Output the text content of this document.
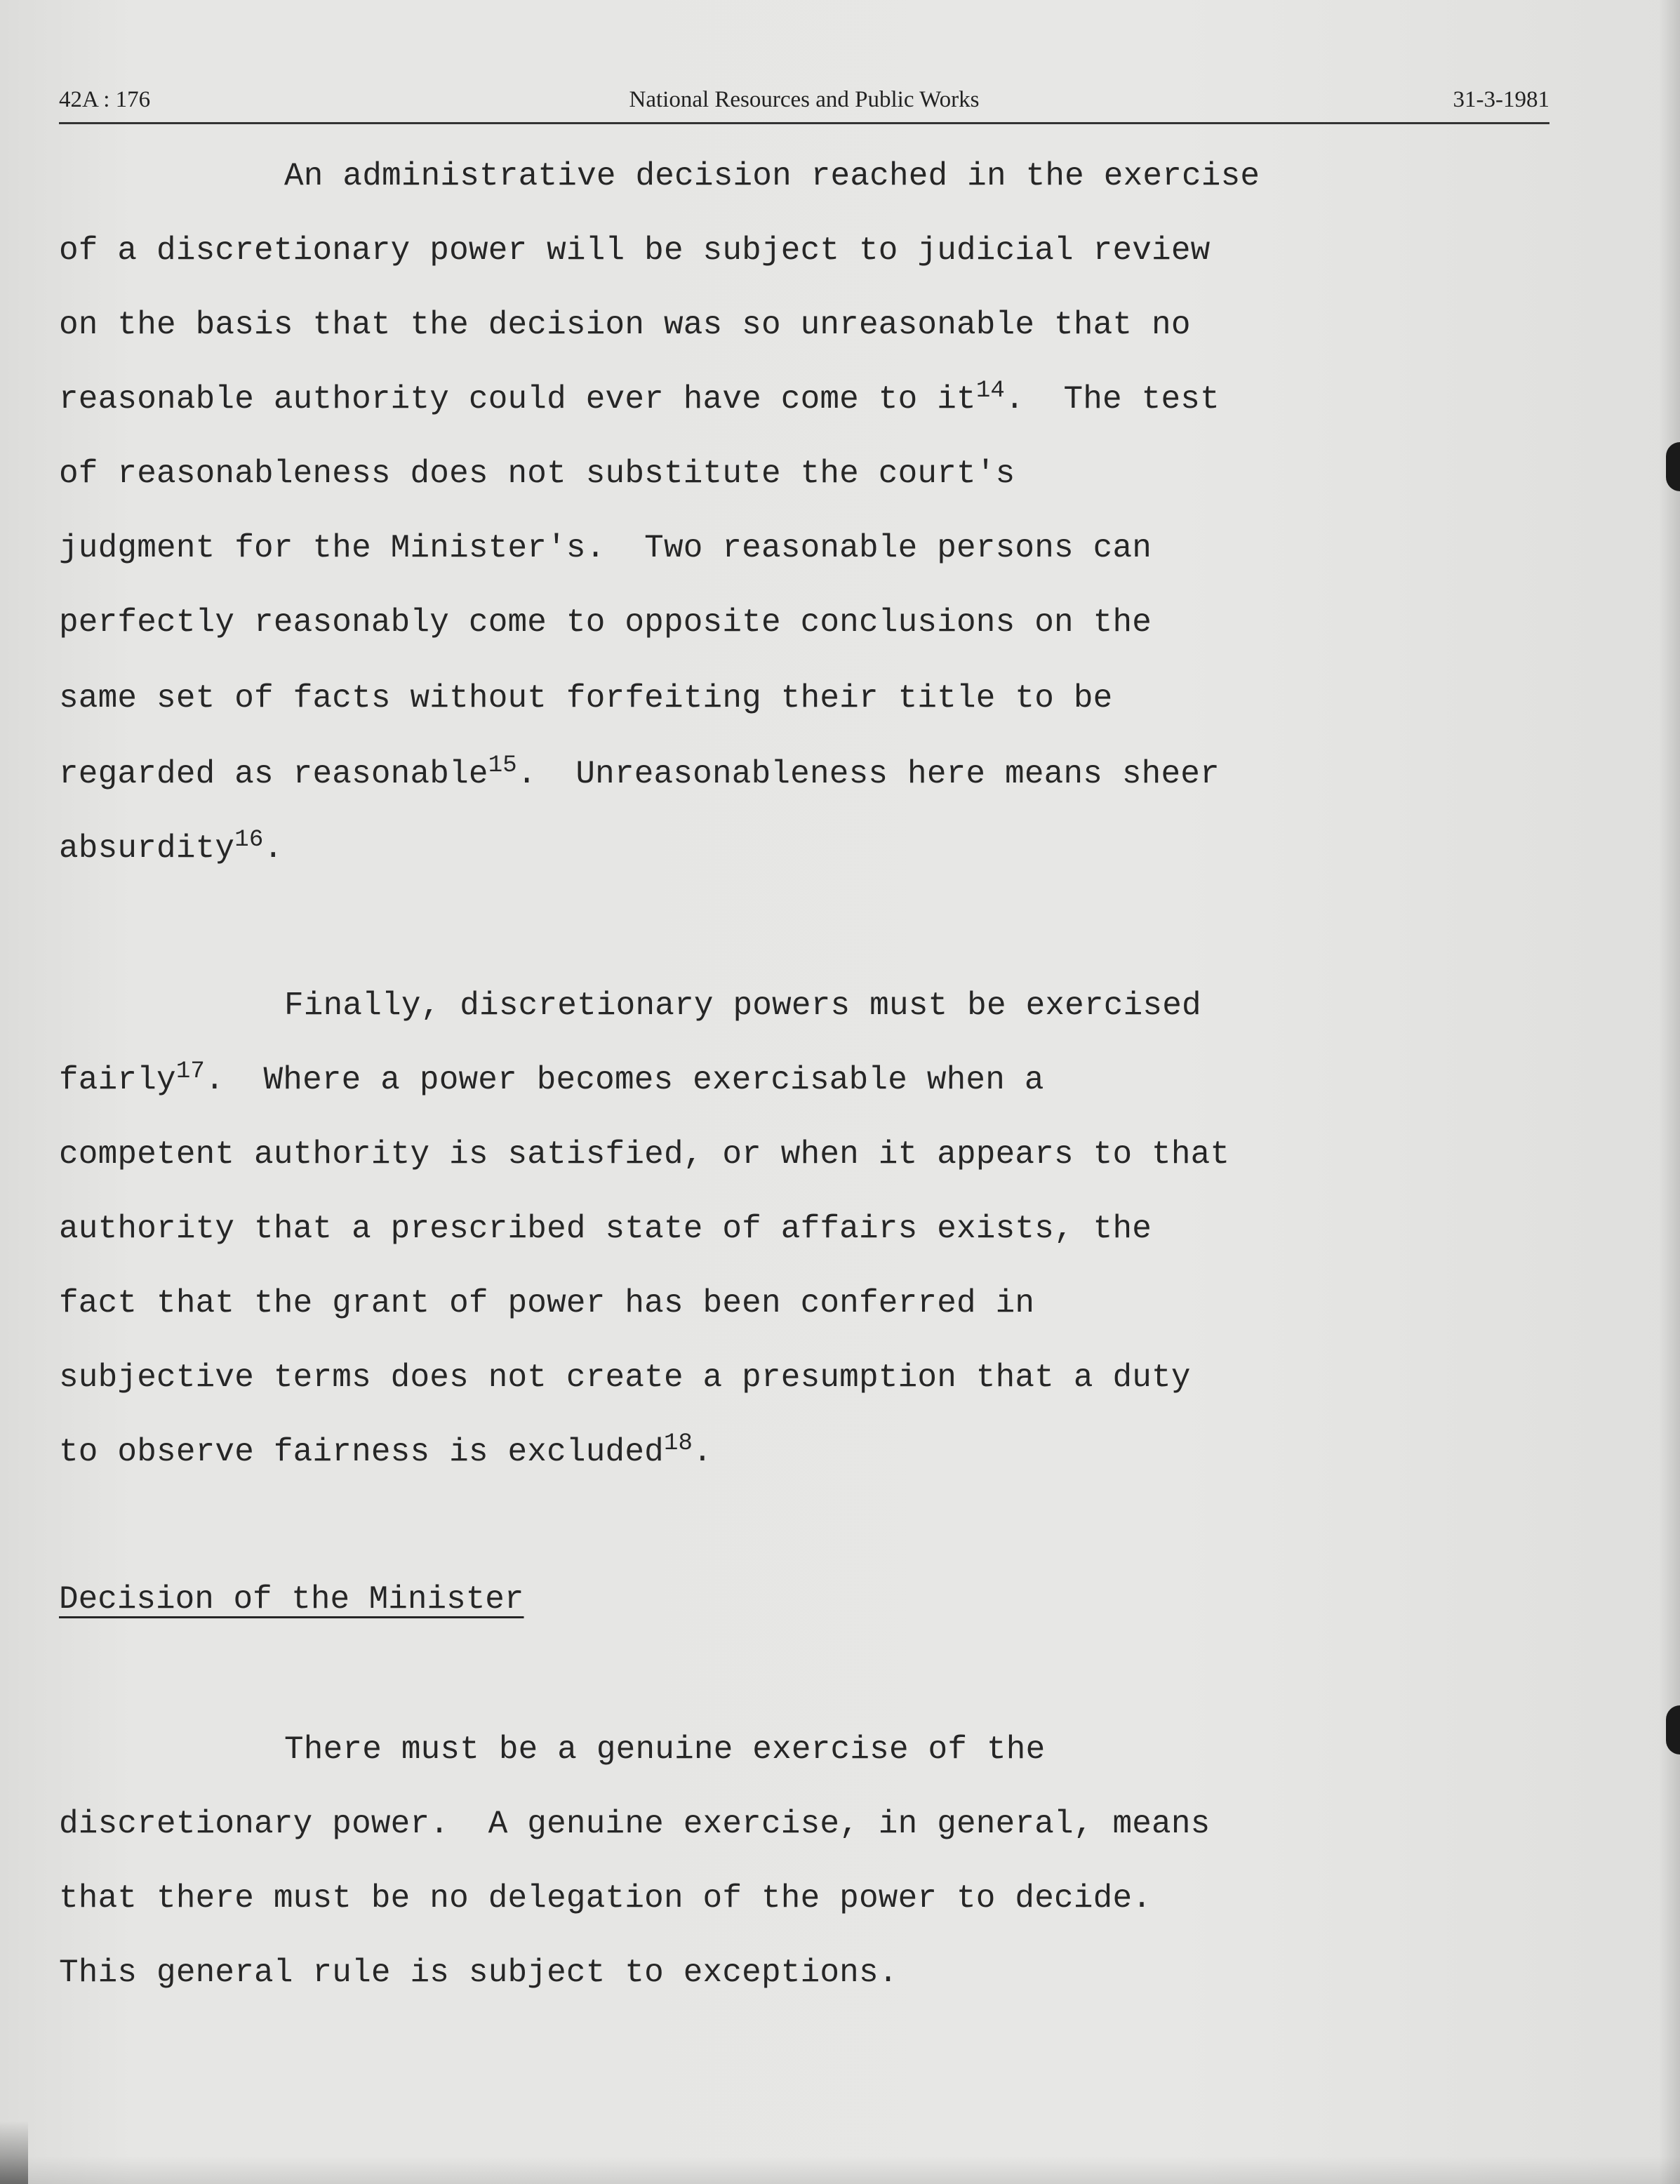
42A : 176	National Resources and Public Works	31-3-1981
An administrative decision reached in the exercise
of a discretionary power will be subject to judicial review
on the basis that the decision was so unreasonable that no
reasonable authority could ever have come to $it^{14}$.  The test
of reasonableness does not substitute the court's
judgment for the Minister's.  Two reasonable persons can
perfectly reasonably come to opposite conclusions on the
same set of facts without forfeiting their title to be
regarded as reasonable$^{15}$.  Unreasonableness here means sheer
absurdity$^{16}$.
Finally, discretionary powers must be exercised
fairly$^{17}$.  Where a power becomes exercisable when a
competent authority is satisfied, or when it appears to that
authority that a prescribed state of affairs exists, the
fact that the grant of power has been conferred in
subjective terms does not create a presumption that a duty
to observe fairness is excluded$^{18}$.
Decision of the Minister
There must be a genuine exercise of the
discretionary power.  A genuine exercise, in general, means
that there must be no delegation of the power to decide.
This general rule is subject to exceptions.
